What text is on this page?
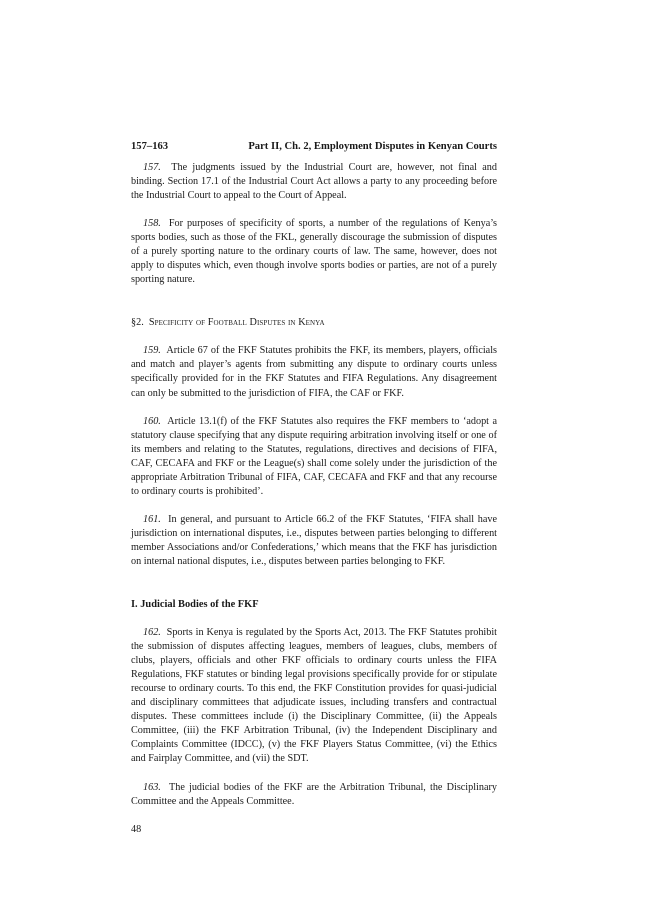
157–163	Part II, Ch. 2, Employment Disputes in Kenyan Courts

157. The judgments issued by the Industrial Court are, however, not final and binding. Section 17.1 of the Industrial Court Act allows a party to any proceeding before the Industrial Court to appeal to the Court of Appeal.

158. For purposes of specificity of sports, a number of the regulations of Kenya’s sports bodies, such as those of the FKL, generally discourage the submission of disputes of a purely sporting nature to the ordinary courts of law. The same, however, does not apply to disputes which, even though involve sports bodies or parties, are not of a purely sporting nature.

§2. Specificity of Football Disputes in Kenya

159. Article 67 of the FKF Statutes prohibits the FKF, its members, players, officials and match and player’s agents from submitting any dispute to ordinary courts unless specifically provided for in the FKF Statutes and FIFA Regulations. Any disagreement can only be submitted to the jurisdiction of FIFA, the CAF or FKF.

160. Article 13.1(f) of the FKF Statutes also requires the FKF members to ‘adopt a statutory clause specifying that any dispute requiring arbitration involving itself or one of its members and relating to the Statutes, regulations, directives and decisions of FIFA, CAF, CECAFA and FKF or the League(s) shall come solely under the jurisdiction of the appropriate Arbitration Tribunal of FIFA, CAF, CECAFA and FKF and that any recourse to ordinary courts is prohibited’.

161. In general, and pursuant to Article 66.2 of the FKF Statutes, ‘FIFA shall have jurisdiction on international disputes, i.e., disputes between parties belonging to different member Associations and/or Confederations,’ which means that the FKF has jurisdiction on internal national disputes, i.e., disputes between parties belonging to FKF.

I. Judicial Bodies of the FKF

162. Sports in Kenya is regulated by the Sports Act, 2013. The FKF Statutes prohibit the submission of disputes affecting leagues, members of leagues, clubs, members of clubs, players, officials and other FKF officials to ordinary courts unless the FIFA Regulations, FKF statutes or binding legal provisions specifically provide for or stipulate recourse to ordinary courts. To this end, the FKF Constitution provides for quasi-judicial and disciplinary committees that adjudicate issues, including transfers and contractual disputes. These committees include (i) the Disciplinary Committee, (ii) the Appeals Committee, (iii) the FKF Arbitration Tribunal, (iv) the Independent Disciplinary and Complaints Committee (IDCC), (v) the FKF Players Status Committee, (vi) the Ethics and Fairplay Committee, and (vii) the SDT.

163. The judicial bodies of the FKF are the Arbitration Tribunal, the Disciplinary Committee and the Appeals Committee.

48
